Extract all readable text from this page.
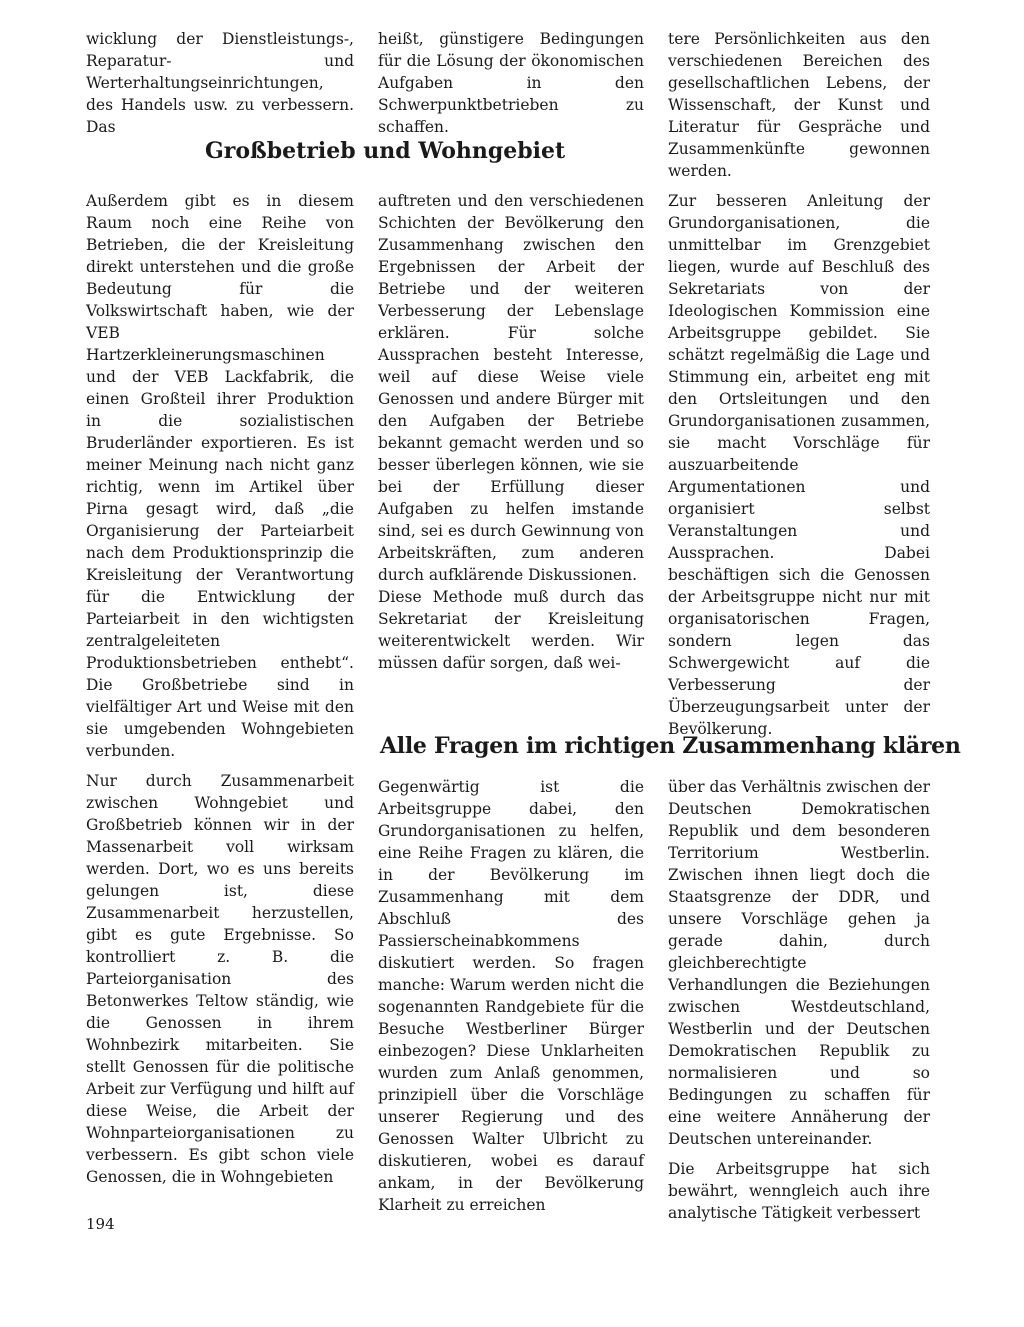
wicklung der Dienstleistungs-, Reparatur- und Werterhaltungseinrichtungen, des Handels usw. zu verbessern. Das

heißt, günstigere Bedingungen für die Lösung der ökonomischen Aufgaben in den Schwerpunktbetrieben zu schaffen.

tere Persönlichkeiten aus den verschiedenen Bereichen des gesellschaftlichen Lebens, der Wissenschaft, der Kunst und Literatur für Gespräche und Zusammenkünfte gewonnen werden.

Großbetrieb und Wohngebiet

Außerdem gibt es in diesem Raum noch eine Reihe von Betrieben, die der Kreisleitung direkt unterstehen und die große Bedeutung für die Volkswirtschaft haben, wie der VEB Hartzerkleinerungsmaschinen und der VEB Lackfabrik, die einen Großteil ihrer Produktion in die sozialistischen Bruderländer exportieren. Es ist meiner Meinung nach nicht ganz richtig, wenn im Artikel über Pirna gesagt wird, daß „die Organisierung der Parteiarbeit nach dem Produktionsprinzip die Kreisleitung der Verantwortung für die Entwicklung der Parteiarbeit in den wichtigsten zentralgeleiteten Produktionsbetrieben enthebt“. Die Großbetriebe sind in vielfältiger Art und Weise mit den sie umgebenden Wohngebieten verbunden.

Nur durch Zusammenarbeit zwischen Wohngebiet und Großbetrieb können wir in der Massenarbeit voll wirksam werden. Dort, wo es uns bereits gelungen ist, diese Zusammenarbeit herzustellen, gibt es gute Ergebnisse. So kontrolliert z. B. die Parteiorganisation des Betonwerkes Teltow ständig, wie die Genossen in ihrem Wohnbezirk mitarbeiten. Sie stellt Genossen für die politische Arbeit zur Verfügung und hilft auf diese Weise, die Arbeit der Wohnparteiorganisationen zu verbessern. Es gibt schon viele Genossen, die in Wohngebieten

auftreten und den verschiedenen Schichten der Bevölkerung den Zusammenhang zwischen den Ergebnissen der Arbeit der Betriebe und der weiteren Verbesserung der Lebenslage erklären. Für solche Aussprachen besteht Interesse, weil auf diese Weise viele Genossen und andere Bürger mit den Aufgaben der Betriebe bekannt gemacht werden und so besser überlegen können, wie sie bei der Erfüllung dieser Aufgaben zu helfen imstande sind, sei es durch Gewinnung von Arbeitskräften, zum anderen durch aufklärende Diskussionen.

Diese Methode muß durch das Sekretariat der Kreisleitung weiterentwickelt werden. Wir müssen dafür sorgen, daß wei-

Zur besseren Anleitung der Grundorganisationen, die unmittelbar im Grenzgebiet liegen, wurde auf Beschluß des Sekretariats von der Ideologischen Kommission eine Arbeitsgruppe gebildet. Sie schätzt regelmäßig die Lage und Stimmung ein, arbeitet eng mit den Ortsleitungen und den Grundorganisationen zusammen, sie macht Vorschläge für auszuarbeitende Argumentationen und organisiert selbst Veranstaltungen und Aussprachen. Dabei beschäftigen sich die Genossen der Arbeitsgruppe nicht nur mit organisatorischen Fragen, sondern legen das Schwergewicht auf die Verbesserung der Überzeugungsarbeit unter der Bevölkerung.

Alle Fragen im richtigen Zusammenhang klären

Gegenwärtig ist die Arbeitsgruppe dabei, den Grundorganisationen zu helfen, eine Reihe Fragen zu klären, die in der Bevölkerung im Zusammenhang mit dem Abschluß des Passierscheinabkommens diskutiert werden. So fragen manche: Warum werden nicht die sogenannten Randgebiete für die Besuche Westberliner Bürger einbezogen? Diese Unklarheiten wurden zum Anlaß genommen, prinzipiell über die Vorschläge unserer Regierung und des Genossen Walter Ulbricht zu diskutieren, wobei es darauf ankam, in der Bevölkerung Klarheit zu erreichen

über das Verhältnis zwischen der Deutschen Demokratischen Republik und dem besonderen Territorium Westberlin. Zwischen ihnen liegt doch die Staatsgrenze der DDR, und unsere Vorschläge gehen ja gerade dahin, durch gleichberechtigte Verhandlungen die Beziehungen zwischen Westdeutschland, Westberlin und der Deutschen Demokratischen Republik zu normalisieren und so Bedingungen zu schaffen für eine weitere Annäherung der Deutschen untereinander.

Die Arbeitsgruppe hat sich bewährt, wenngleich auch ihre analytische Tätigkeit verbessert

194
